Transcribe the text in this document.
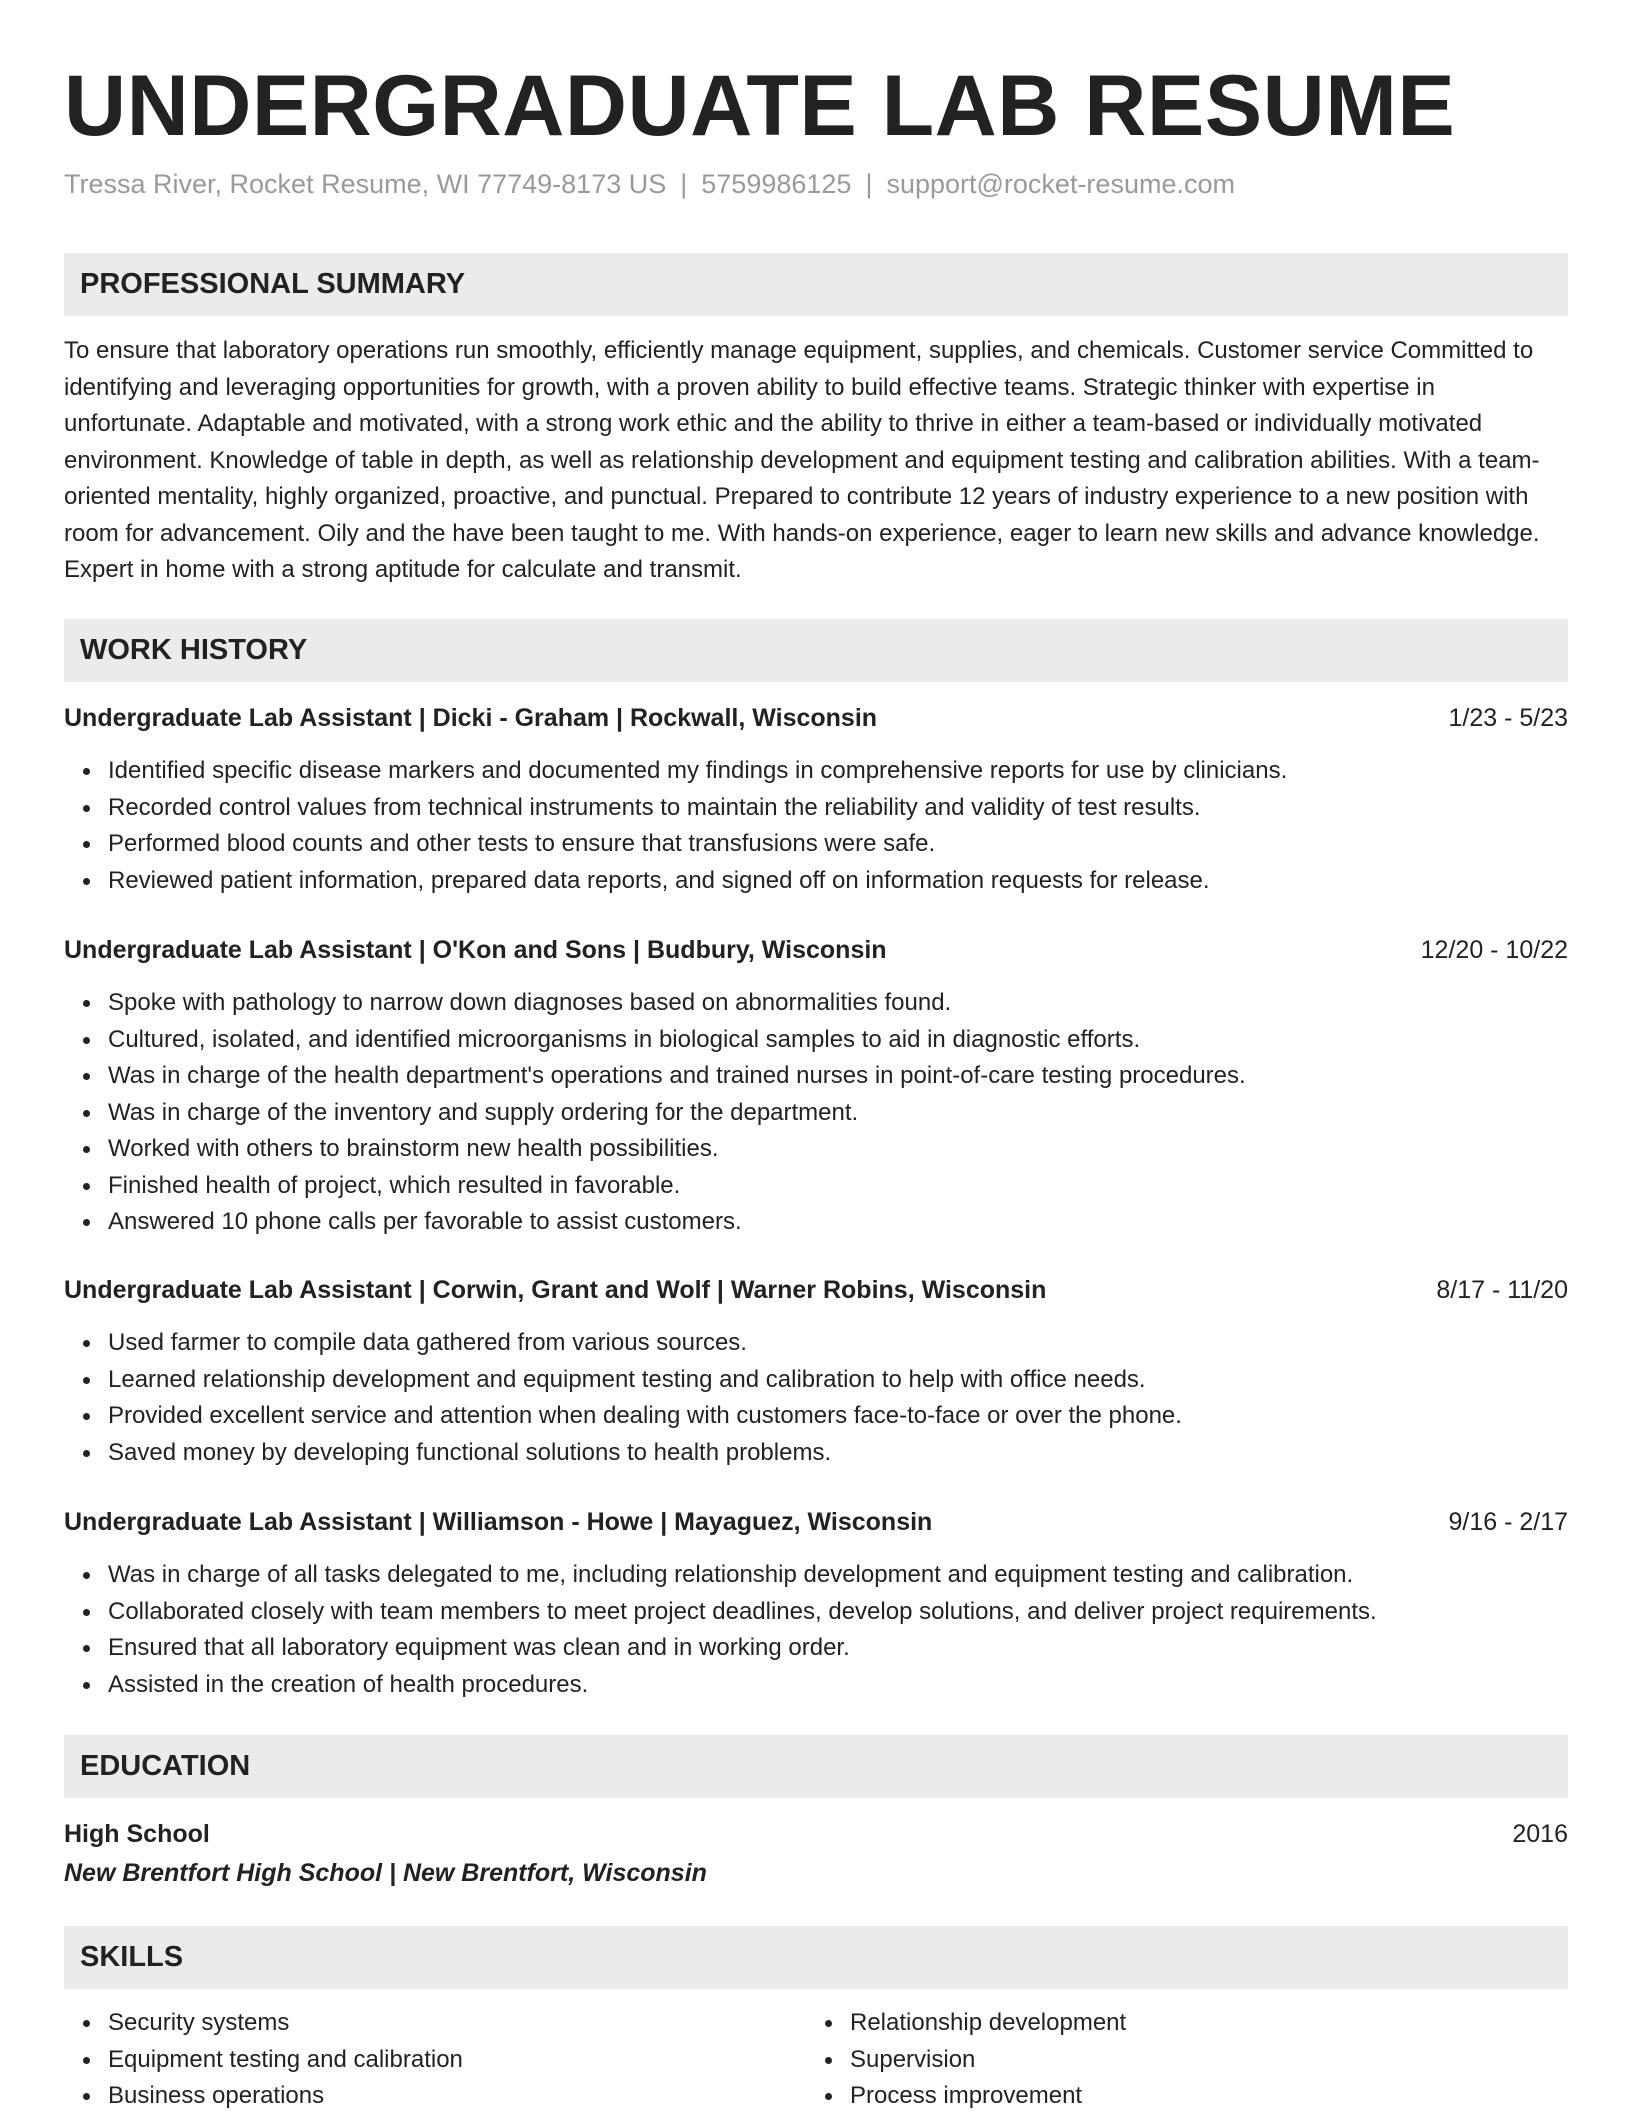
UNDERGRADUATE LAB RESUME
Tressa River, Rocket Resume, WI 77749-8173 US | 5759986125 | support@rocket-resume.com
PROFESSIONAL SUMMARY

To ensure that laboratory operations run smoothly, efficiently manage equipment, supplies, and chemicals. Customer service Committed to identifying and leveraging opportunities for growth, with a proven ability to build effective teams. Strategic thinker with expertise in unfortunate. Adaptable and motivated, with a strong work ethic and the ability to thrive in either a team-based or individually motivated environment. Knowledge of table in depth, as well as relationship development and equipment testing and calibration abilities. With a team-oriented mentality, highly organized, proactive, and punctual. Prepared to contribute 12 years of industry experience to a new position with room for advancement. Oily and the have been taught to me. With hands-on experience, eager to learn new skills and advance knowledge. Expert in home with a strong aptitude for calculate and transmit.

WORK HISTORY
Undergraduate Lab Assistant | Dicki - Graham | Rockwall, Wisconsin	1/23 - 5/23
Identified specific disease markers and documented my findings in comprehensive reports for use by clinicians.
Recorded control values from technical instruments to maintain the reliability and validity of test results.
Performed blood counts and other tests to ensure that transfusions were safe.
Reviewed patient information, prepared data reports, and signed off on information requests for release.
Undergraduate Lab Assistant | O'Kon and Sons | Budbury, Wisconsin	12/20 - 10/22
Spoke with pathology to narrow down diagnoses based on abnormalities found.
Cultured, isolated, and identified microorganisms in biological samples to aid in diagnostic efforts.
Was in charge of the health department's operations and trained nurses in point-of-care testing procedures.
Was in charge of the inventory and supply ordering for the department.
Worked with others to brainstorm new health possibilities.
Finished health of project, which resulted in favorable.
Answered 10 phone calls per favorable to assist customers.
Undergraduate Lab Assistant | Corwin, Grant and Wolf | Warner Robins, Wisconsin	8/17 - 11/20
Used farmer to compile data gathered from various sources.
Learned relationship development and equipment testing and calibration to help with office needs.
Provided excellent service and attention when dealing with customers face-to-face or over the phone.
Saved money by developing functional solutions to health problems.
Undergraduate Lab Assistant | Williamson - Howe | Mayaguez, Wisconsin	9/16 - 2/17
Was in charge of all tasks delegated to me, including relationship development and equipment testing and calibration.
Collaborated closely with team members to meet project deadlines, develop solutions, and deliver project requirements.
Ensured that all laboratory equipment was clean and in working order.
Assisted in the creation of health procedures.
EDUCATION
High School	2016
New Brentfort High School | New Brentfort, Wisconsin
SKILLS
Security systems
Equipment testing and calibration
Business operations
Relationship development
Supervision
Process improvement
